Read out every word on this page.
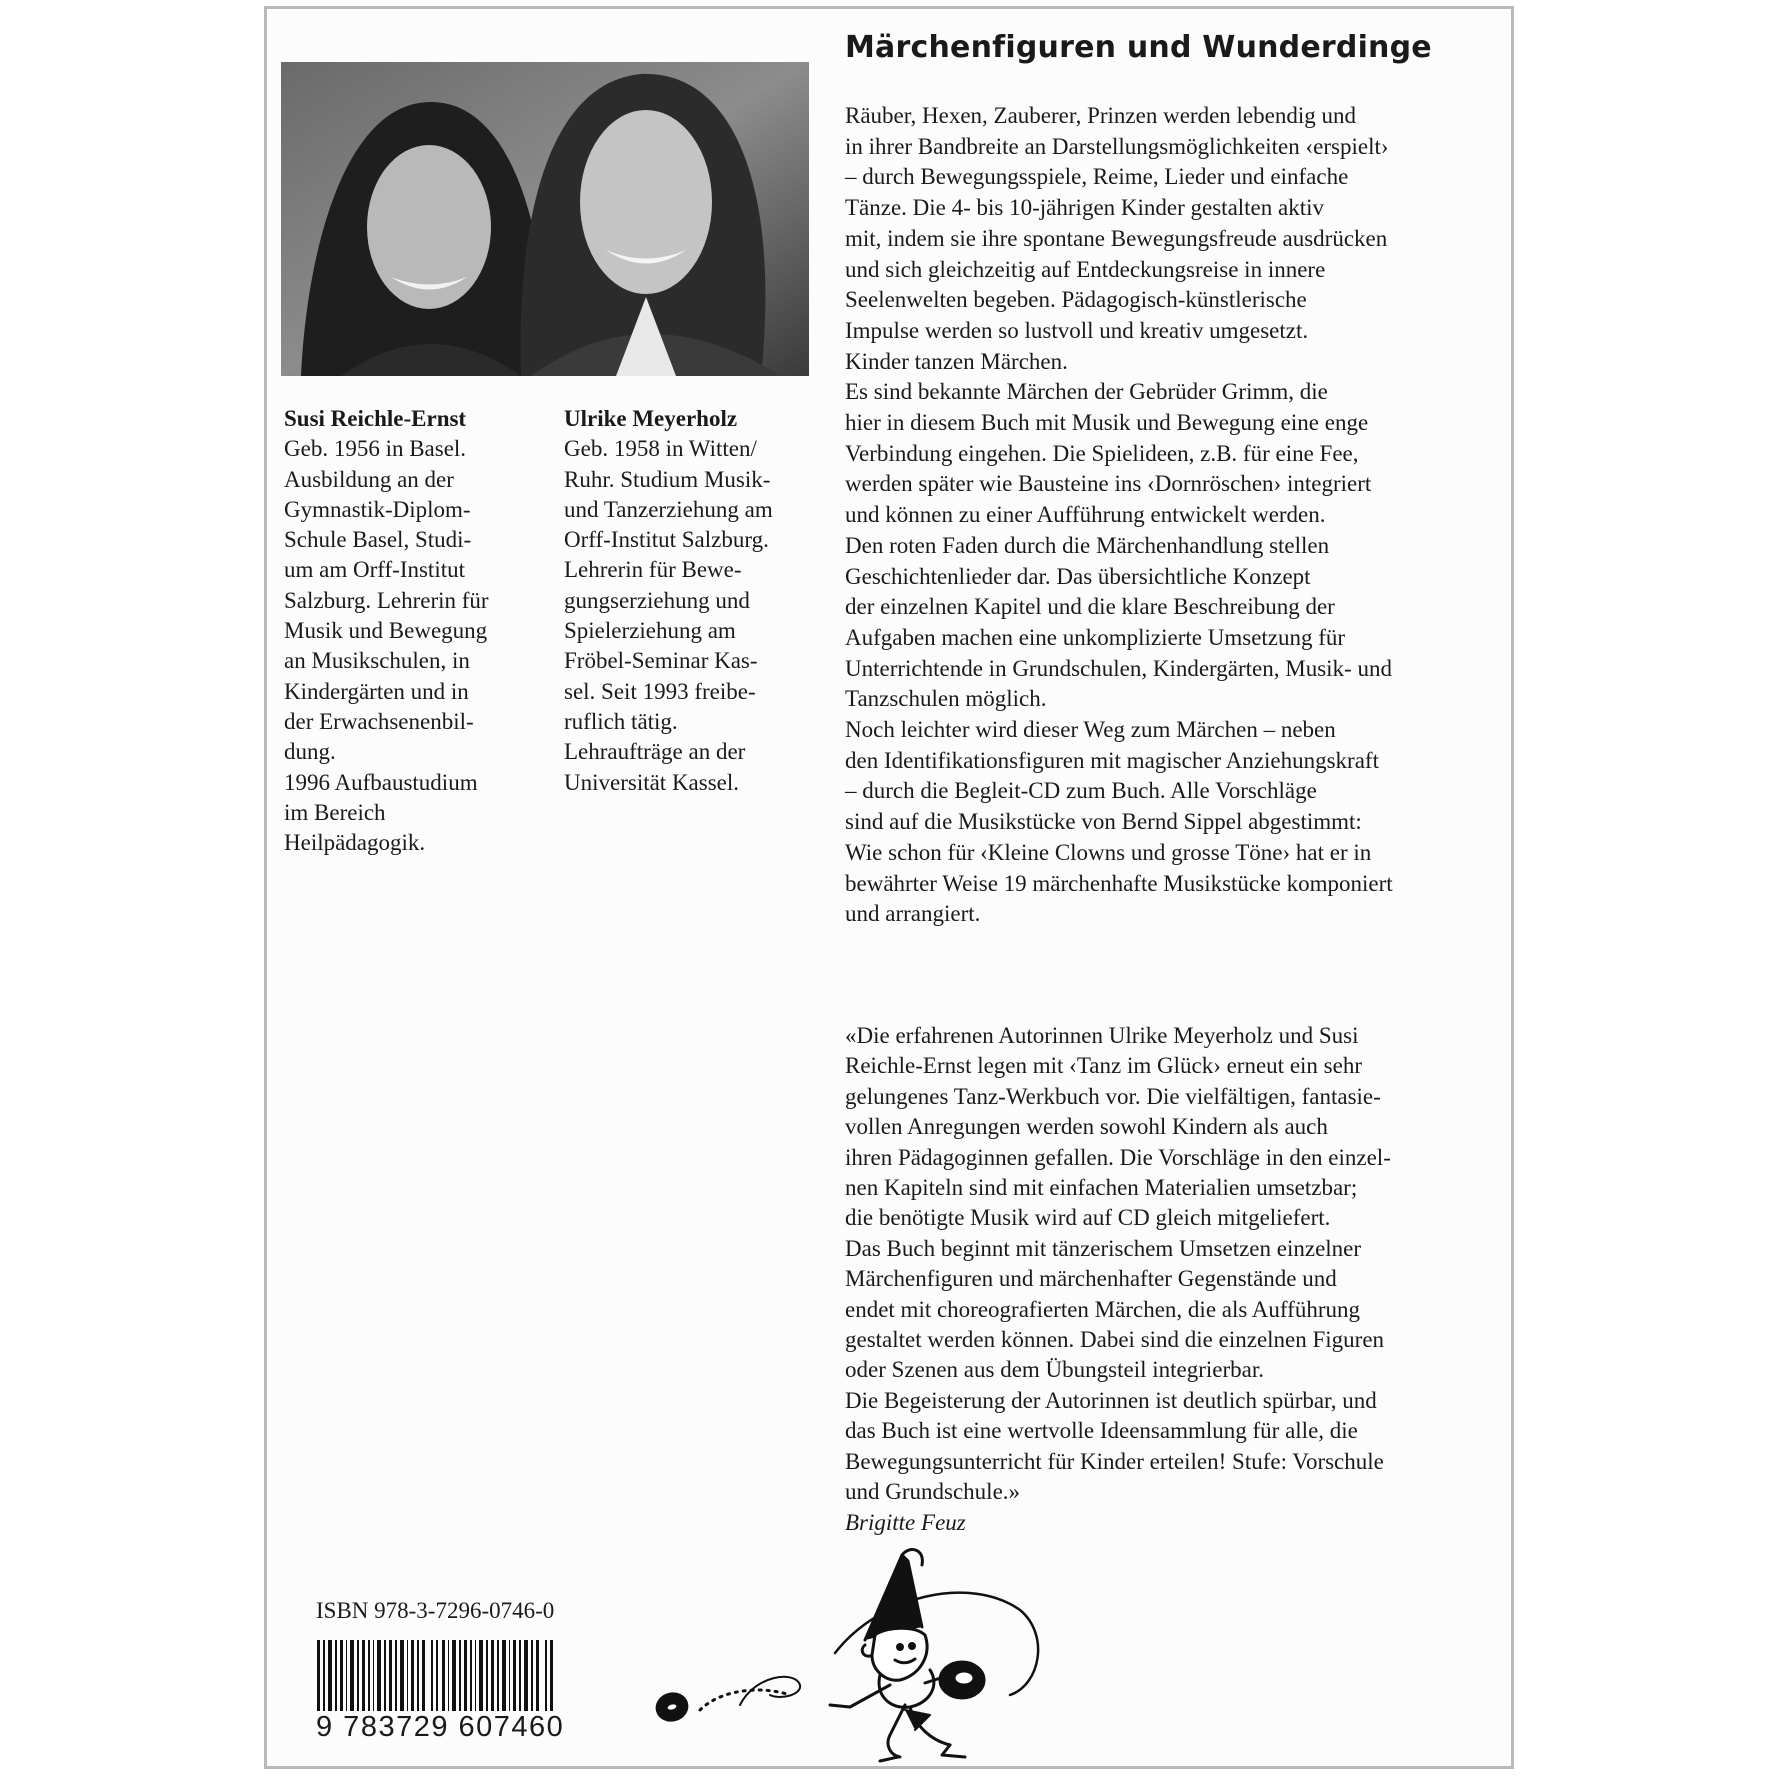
Susi Reichle-Ernst
Geb. 1956 in Basel.
Ausbildung an der
Gymnastik-Diplom-
Schule Basel, Studi-
um am Orff-Institut
Salzburg. Lehrerin für
Musik und Bewegung
an Musikschulen, in
Kindergärten und in
der Erwachsenenbil-
dung.
1996 Aufbaustudium
im Bereich
Heilpädagogik.
Ulrike Meyerholz
Geb. 1958 in Witten/
Ruhr. Studium Musik-
und Tanzerziehung am
Orff-Institut Salzburg.
Lehrerin für Bewe-
gungserziehung und
Spielerziehung am
Fröbel-Seminar Kas-
sel. Seit 1993 freibe-
ruflich tätig.
Lehraufträge an der
Universität Kassel.
Märchenfiguren und Wunderdinge
Räuber, Hexen, Zauberer, Prinzen werden lebendig und
in ihrer Bandbreite an Darstellungsmöglichkeiten ‹erspielt›
– durch Bewegungsspiele, Reime, Lieder und einfache
Tänze. Die 4- bis 10-jährigen Kinder gestalten aktiv
mit, indem sie ihre spontane Bewegungsfreude ausdrücken
und sich gleichzeitig auf Entdeckungsreise in innere
Seelenwelten begeben. Pädagogisch-künstlerische
Impulse werden so lustvoll und kreativ umgesetzt.
Kinder tanzen Märchen.
Es sind bekannte Märchen der Gebrüder Grimm, die
hier in diesem Buch mit Musik und Bewegung eine enge
Verbindung eingehen. Die Spielideen, z.B. für eine Fee,
werden später wie Bausteine ins ‹Dornröschen› integriert
und können zu einer Aufführung entwickelt werden.
Den roten Faden durch die Märchenhandlung stellen
Geschichtenlieder dar. Das übersichtliche Konzept
der einzelnen Kapitel und die klare Beschreibung der
Aufgaben machen eine unkomplizierte Umsetzung für
Unterrichtende in Grundschulen, Kindergärten, Musik- und
Tanzschulen möglich.
Noch leichter wird dieser Weg zum Märchen – neben
den Identifikationsfiguren mit magischer Anziehungskraft
– durch die Begleit-CD zum Buch. Alle Vorschläge
sind auf die Musikstücke von Bernd Sippel abgestimmt:
Wie schon für ‹Kleine Clowns und grosse Töne› hat er in
bewährter Weise 19 märchenhafte Musikstücke komponiert
und arrangiert.
«Die erfahrenen Autorinnen Ulrike Meyerholz und Susi
Reichle-Ernst legen mit ‹Tanz im Glück› erneut ein sehr
gelungenes Tanz-Werkbuch vor. Die vielfältigen, fantasie-
vollen Anregungen werden sowohl Kindern als auch
ihren Pädagoginnen gefallen. Die Vorschläge in den einzel-
nen Kapiteln sind mit einfachen Materialien umsetzbar;
die benötigte Musik wird auf CD gleich mitgeliefert.
Das Buch beginnt mit tänzerischem Umsetzen einzelner
Märchenfiguren und märchenhafter Gegenstände und
endet mit choreografierten Märchen, die als Aufführung
gestaltet werden können. Dabei sind die einzelnen Figuren
oder Szenen aus dem Übungsteil integrierbar.
Die Begeisterung der Autorinnen ist deutlich spürbar, und
das Buch ist eine wertvolle Ideensammlung für alle, die
Bewegungsunterricht für Kinder erteilen! Stufe: Vorschule
und Grundschule.»
Brigitte Feuz
ISBN 978-3-7296-0746-0
9 783729 607460
